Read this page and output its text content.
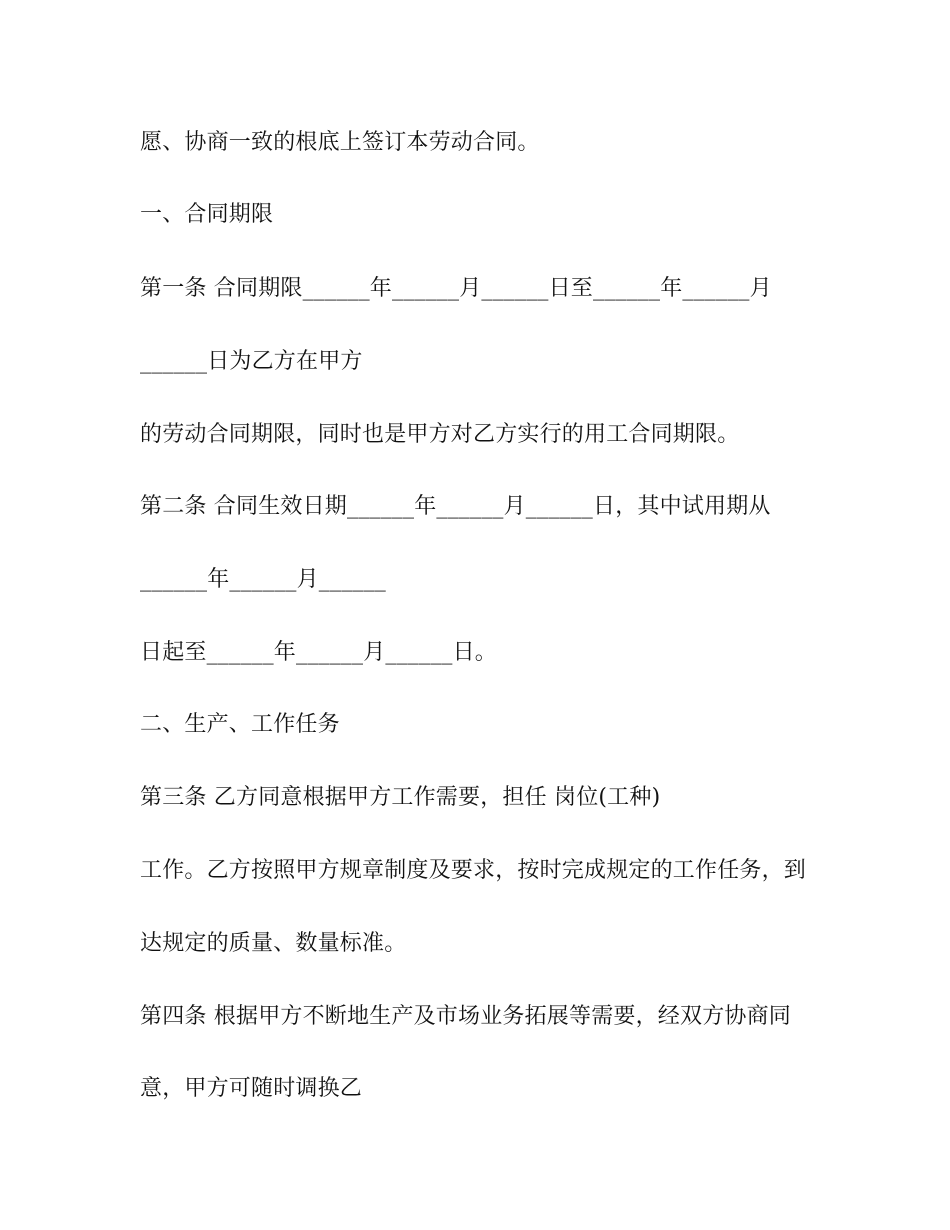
愿、协商一致的根底上签订本劳动合同。
一、合同期限
第一条 合同期限______年______月______日至______年______月
______日为乙方在甲方
的劳动合同期限，同时也是甲方对乙方实行的用工合同期限。
第二条 合同生效日期______年______月______日，其中试用期从
______年______月______
日起至______年______月______日。
二、生产、工作任务
第三条 乙方同意根据甲方工作需要，担任 岗位(工种)
工作。乙方按照甲方规章制度及要求，按时完成规定的工作任务，到
达规定的质量、数量标准。
第四条 根据甲方不断地生产及市场业务拓展等需要，经双方协商同
意，甲方可随时调换乙
